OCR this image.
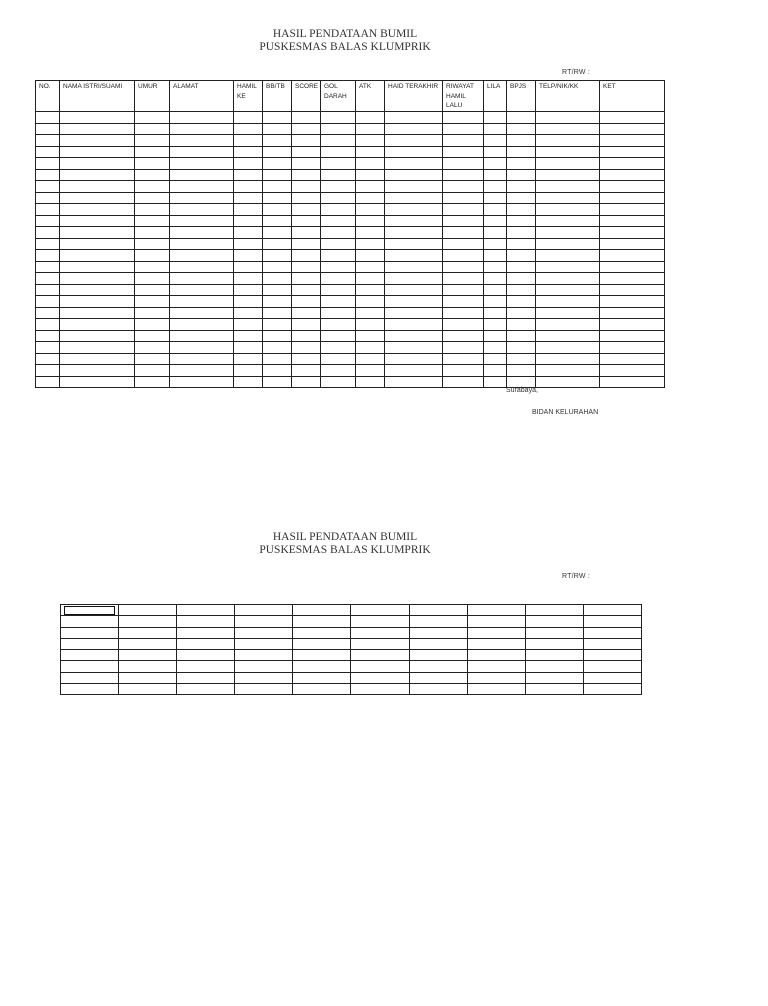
HASIL PENDATAAN BUMIL
PUSKESMAS BALAS KLUMPRIK
RT/RW :
NO.	NAMA ISTRI/SUAMI	UMUR	ALAMAT	HAMIL KE	BB/TB	SCORE	GOL DARAH	ATK	HAID TERAKHIR	RIWAYAT HAMIL LALU	LILA	BPJS	TELP/NIK/KK	KET

Surabaya,
BIDAN KELURAHAN
HASIL PENDATAAN BUMIL
PUSKESMAS BALAS KLUMPRIK
RT/RW :
